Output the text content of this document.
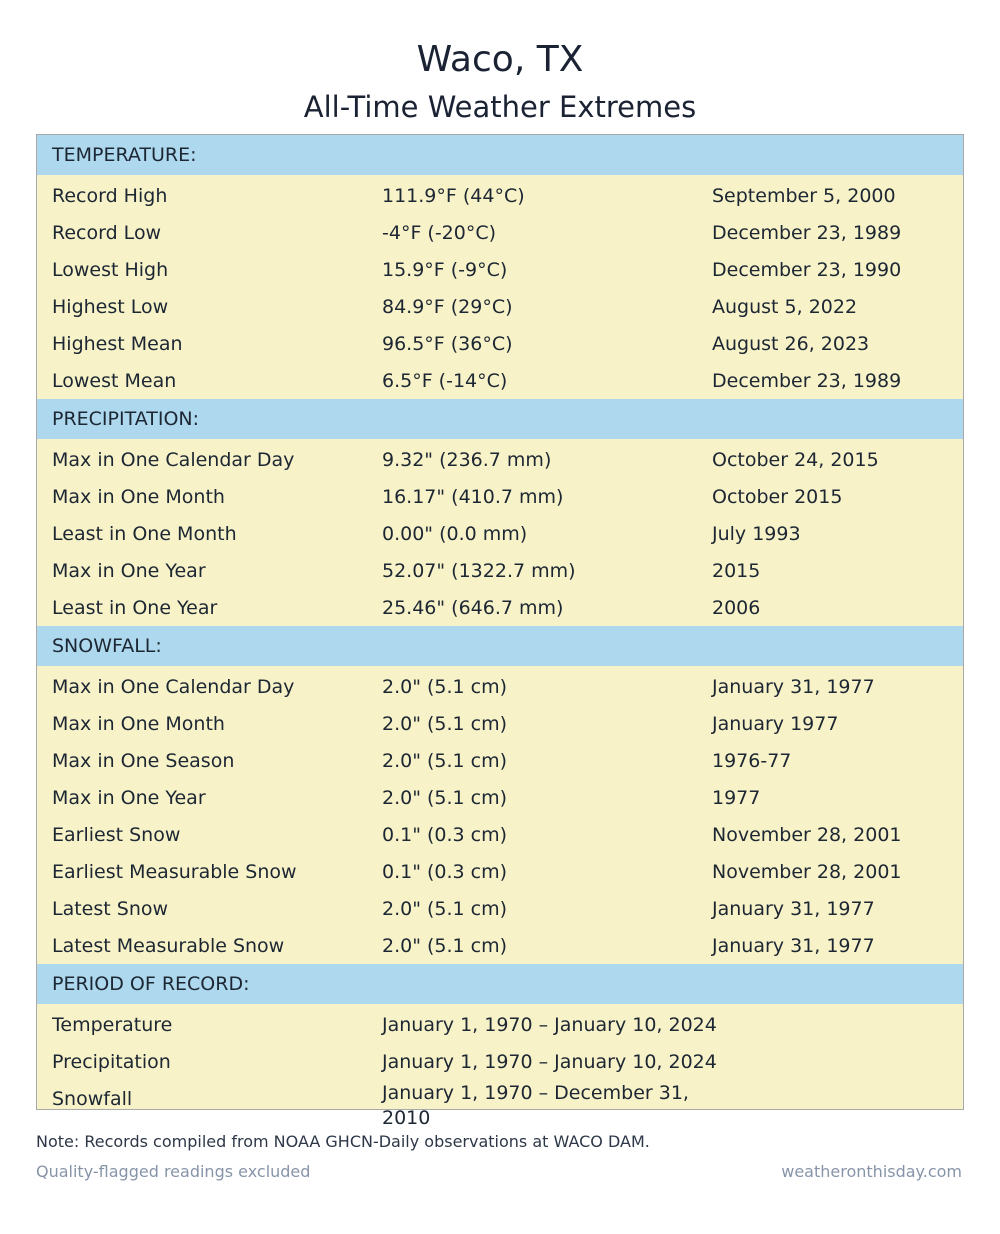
Waco, TX
All-Time Weather Extremes
TEMPERATURE:
Record High	111.9°F (44°C)	September 5, 2000
Record Low	-4°F (-20°C)	December 23, 1989
Lowest High	15.9°F (-9°C)	December 23, 1990
Highest Low	84.9°F (29°C)	August 5, 2022
Highest Mean	96.5°F (36°C)	August 26, 2023
Lowest Mean	6.5°F (-14°C)	December 23, 1989
PRECIPITATION:
Max in One Calendar Day	9.32" (236.7 mm)	October 24, 2015
Max in One Month	16.17" (410.7 mm)	October 2015
Least in One Month	0.00" (0.0 mm)	July 1993
Max in One Year	52.07" (1322.7 mm)	2015
Least in One Year	25.46" (646.7 mm)	2006
SNOWFALL:
Max in One Calendar Day	2.0" (5.1 cm)	January 31, 1977
Max in One Month	2.0" (5.1 cm)	January 1977
Max in One Season	2.0" (5.1 cm)	1976-77
Max in One Year	2.0" (5.1 cm)	1977
Earliest Snow	0.1" (0.3 cm)	November 28, 2001
Earliest Measurable Snow	0.1" (0.3 cm)	November 28, 2001
Latest Snow	2.0" (5.1 cm)	January 31, 1977
Latest Measurable Snow	2.0" (5.1 cm)	January 31, 1977
PERIOD OF RECORD:
Temperature	January 1, 1970 – January 10, 2024
Precipitation	January 1, 1970 – January 10, 2024
Snowfall	January 1, 1970 – December 31, 2010
Note: Records compiled from NOAA GHCN-Daily observations at WACO DAM.
Quality-flagged readings excluded	weatheronthisday.com
